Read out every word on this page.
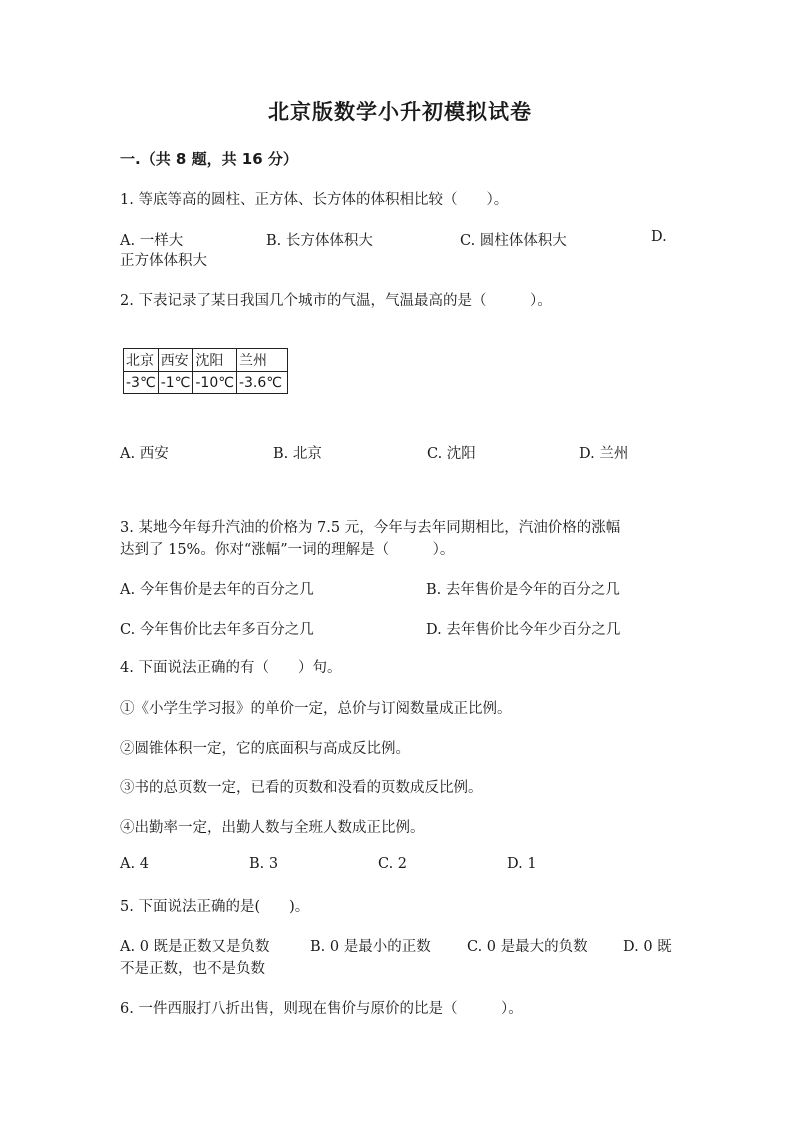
北京版数学小升初模拟试卷
一.（共 8 题，共 16 分）
1. 等底等高的圆柱、正方体、长方体的体积相比较（　　）。
A. 一样大	B. 长方体体积大	C. 圆柱体体积大	D.
正方体体积大
2. 下表记录了某日我国几个城市的气温，气温最高的是（　　　）。
北京	西安	沈阳	兰州
-3℃	-1℃	-10℃	-3.6℃
A. 西安	B. 北京	C. 沈阳	D. 兰州
3. 某地今年每升汽油的价格为 7.5 元，今年与去年同期相比，汽油价格的涨幅
达到了 15%。你对“涨幅”一词的理解是（　　　）。
A. 今年售价是去年的百分之几	B. 去年售价是今年的百分之几
C. 今年售价比去年多百分之几	D. 去年售价比今年少百分之几
4. 下面说法正确的有（　　）句。
①《小学生学习报》的单价一定，总价与订阅数量成正比例。
②圆锥体积一定，它的底面积与高成反比例。
③书的总页数一定，已看的页数和没看的页数成反比例。
④出勤率一定，出勤人数与全班人数成正比例。
A. 4	B. 3	C. 2	D. 1
5. 下面说法正确的是(　　)。
A. 0 既是正数又是负数	B. 0 是最小的正数	C. 0 是最大的负数 D. 0 既
不是正数，也不是负数
6. 一件西服打八折出售，则现在售价与原价的比是（　　　）。
